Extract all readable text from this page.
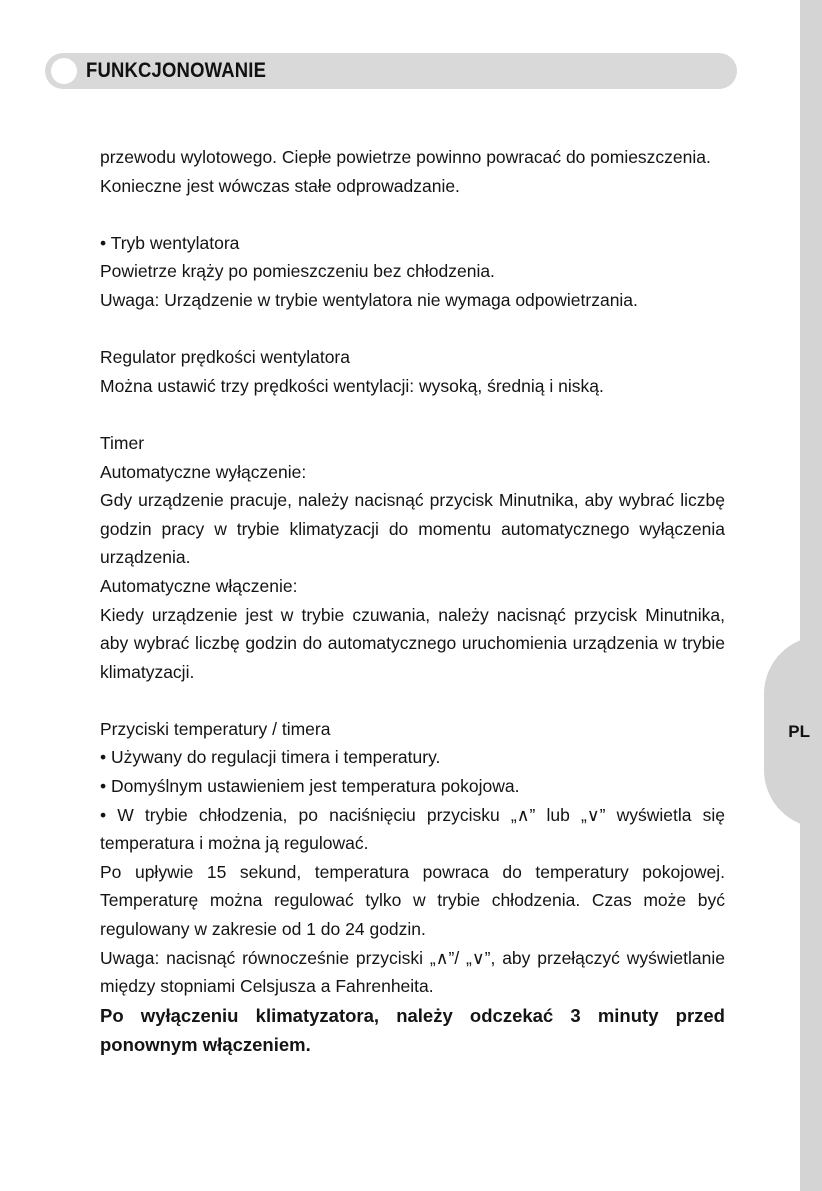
PL
FUNKCJONOWANIE

przewodu wylotowego. Ciepłe powietrze powinno powracać do pomieszczenia.

Konieczne jest wówczas stałe odprowadzanie.

• Tryb wentylatora

Powietrze krąży po pomieszczeniu bez chłodzenia.

Uwaga: Urządzenie w trybie wentylatora nie wymaga odpowietrzania.

Regulator prędkości wentylatora

Można ustawić trzy prędkości wentylacji: wysoką, średnią i niską.

Timer

Automatyczne wyłączenie:

Gdy urządzenie pracuje, należy nacisnąć przycisk Minutnika, aby wybrać liczbę godzin pracy w trybie klimatyzacji do momentu automatycznego wyłączenia urządzenia.

Automatyczne włączenie:

Kiedy urządzenie jest w trybie czuwania, należy nacisnąć przycisk Minutnika, aby wybrać liczbę godzin do automatycznego uruchomienia urządzenia w trybie klimatyzacji.

Przyciski temperatury / timera

• Używany do regulacji timera i temperatury.

• Domyślnym ustawieniem jest temperatura pokojowa.

• W trybie chłodzenia, po naciśnięciu przycisku „∧” lub „∨” wyświetla się temperatura i można ją regulować.

Po upływie 15 sekund, temperatura powraca do temperatury pokojowej. Temperaturę można regulować tylko w trybie chłodzenia. Czas może być regulowany w zakresie od 1 do 24 godzin.

Uwaga: nacisnąć równocześnie przyciski „∧”/ „∨”, aby przełączyć wyświetlanie między stopniami Celsjusza a Fahrenheita.

Po wyłączeniu klimatyzatora, należy odczekać 3 minuty przed ponownym włączeniem.
